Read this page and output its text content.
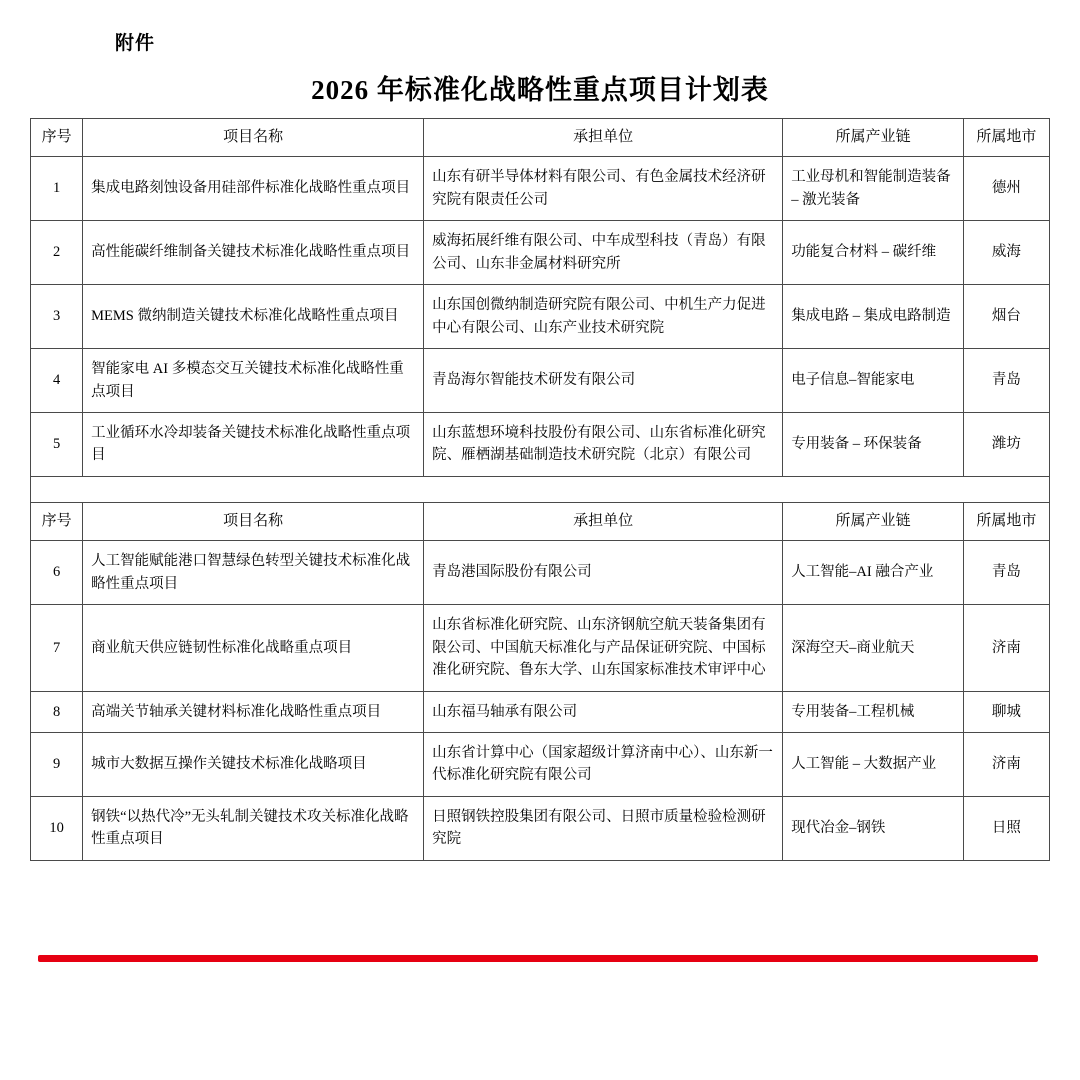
附件
2026 年标准化战略性重点项目计划表
序号	项目名称	承担单位	所属产业链	所属地市
1	集成电路刻蚀设备用硅部件标准化战略性重点项目	山东有研半导体材料有限公司、有色金属技术经济研究院有限责任公司	工业母机和智能制造装备 – 激光装备	德州
2	高性能碳纤维制备关键技术标准化战略性重点项目	威海拓展纤维有限公司、中车成型科技（青岛）有限公司、山东非金属材料研究所	功能复合材料 – 碳纤维	威海
3	MEMS 微纳制造关键技术标准化战略性重点项目	山东国创微纳制造研究院有限公司、中机生产力促进中心有限公司、山东产业技术研究院	集成电路 – 集成电路制造	烟台
4	智能家电 AI 多模态交互关键技术标准化战略性重点项目	青岛海尔智能技术研发有限公司	电子信息–智能家电	青岛
5	工业循环水冷却装备关键技术标准化战略性重点项目	山东蓝想环境科技股份有限公司、山东省标准化研究院、雁栖湖基础制造技术研究院（北京）有限公司	专用装备 – 环保装备	潍坊

序号	项目名称	承担单位	所属产业链	所属地市
6	人工智能赋能港口智慧绿色转型关键技术标准化战略性重点项目	青岛港国际股份有限公司	人工智能–AI 融合产业	青岛
7	商业航天供应链韧性标准化战略重点项目	山东省标准化研究院、山东济钢航空航天装备集团有限公司、中国航天标准化与产品保证研究院、中国标准化研究院、鲁东大学、山东国家标准技术审评中心	深海空天–商业航天	济南
8	高端关节轴承关键材料标准化战略性重点项目	山东福马轴承有限公司	专用装备–工程机械	聊城
9	城市大数据互操作关键技术标准化战略项目	山东省计算中心（国家超级计算济南中心）、山东新一代标准化研究院有限公司	人工智能 – 大数据产业	济南
10	钢铁“以热代冷”无头轧制关键技术攻关标准化战略性重点项目	日照钢铁控股集团有限公司、日照市质量检验检测研究院	现代冶金–钢铁	日照
